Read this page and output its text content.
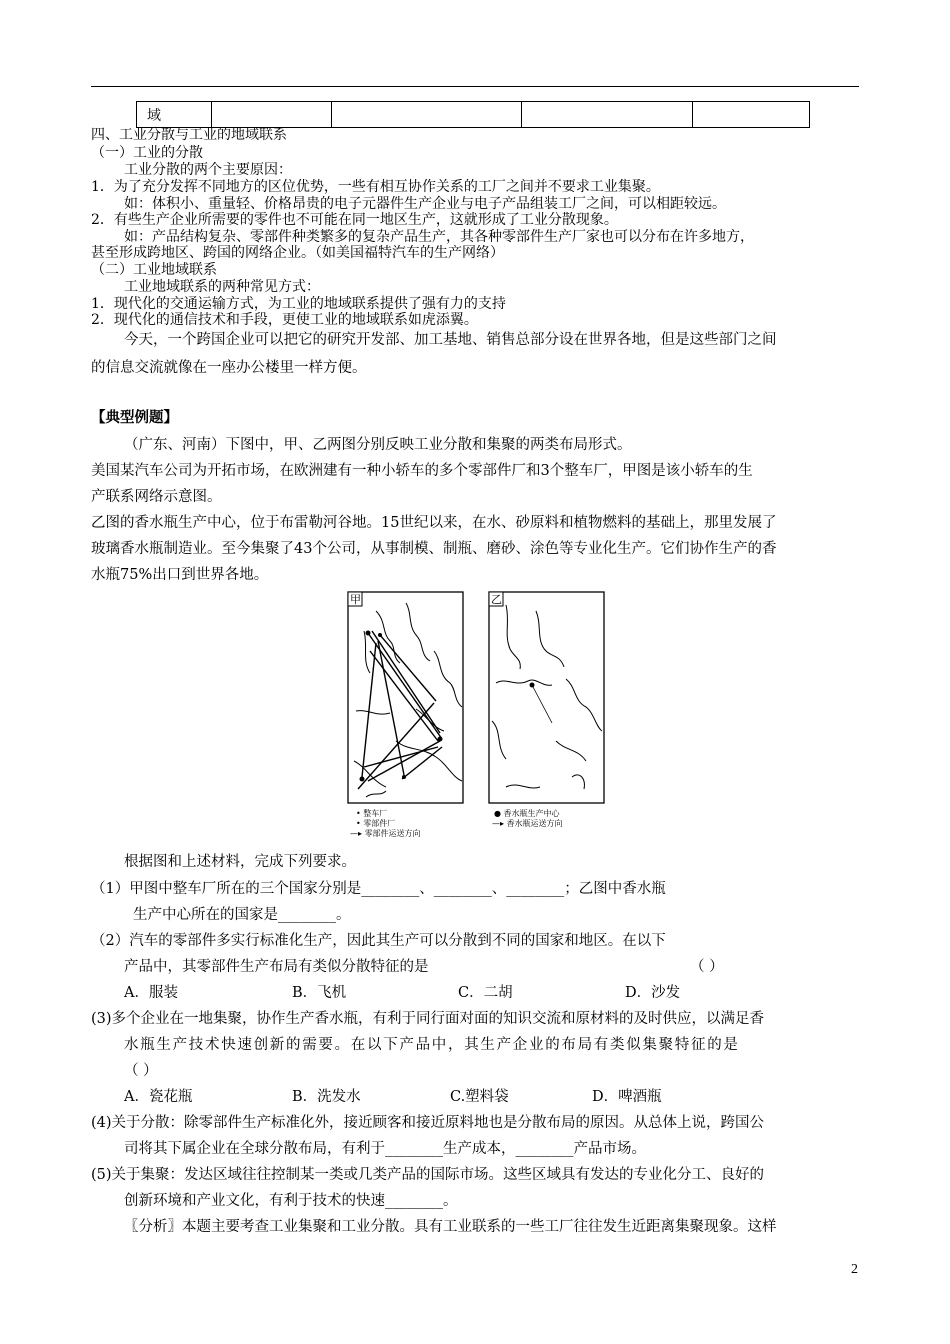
域				
四、工业分散与工业的地域联系
（一）工业的分散
工业分散的两个主要原因：
1．为了充分发挥不同地方的区位优势，一些有相互协作关系的工厂之间并不要求工业集聚。
如：体积小、重量轻、价格昂贵的电子元器件生产企业与电子产品组装工厂之间，可以相距较远。
2．有些生产企业所需要的零件也不可能在同一地区生产，这就形成了工业分散现象。
如：产品结构复杂、零部件种类繁多的复杂产品生产，其各种零部件生产厂家也可以分布在许多地方，
甚至形成跨地区、跨国的网络企业。（如美国福特汽车的生产网络）
（二）工业地域联系
工业地域联系的两种常见方式：
1．现代化的交通运输方式，为工业的地域联系提供了强有力的支持
2．现代化的通信技术和手段，更使工业的地域联系如虎添翼。
今天，一个跨国企业可以把它的研究开发部、加工基地、销售总部分设在世界各地，但是这些部门之间
的信息交流就像在一座办公楼里一样方便。
【典型例题】
（广东、河南）下图中，甲、乙两图分别反映工业分散和集聚的两类布局形式。
美国某汽车公司为开拓市场，在欧洲建有一种小轿车的多个零部件厂和3个整车厂，甲图是该小轿车的生
产联系网络示意图。
乙图的香水瓶生产中心，位于布雷勒河谷地。15世纪以来，在水、砂原料和植物燃料的基础上，那里发展了
玻璃香水瓶制造业。至今集聚了43个公司，从事制模、制瓶、磨砂、涂色等专业化生产。它们协作生产的香
水瓶75%出口到世界各地。
甲	乙
• 整车厂
• 零部件厂
—▸ 零部件运送方向
● 香水瓶生产中心
—▸ 香水瓶运送方向
根据图和上述材料，完成下列要求。
（1）甲图中整车厂所在的三个国家分别是________、________、________；乙图中香水瓶
生产中心所在的国家是________。
（2）汽车的零部件多实行标准化生产，因此其生产可以分散到不同的国家和地区。在以下
产品中，其零部件生产布局有类似分散特征的是	（ ）
A．服装	B．飞机	C．二胡	D．沙发
(3)多个企业在一地集聚，协作生产香水瓶，有利于同行面对面的知识交流和原材料的及时供应，以满足香
水瓶生产技术快速创新的需要。在以下产品中，其生产企业的布局有类似集聚特征的是
（ ）
A．瓷花瓶	B．洗发水	C.塑料袋	D．啤酒瓶
(4)关于分散：除零部件生产标准化外，接近顾客和接近原料地也是分散布局的原因。从总体上说，跨国公
司将其下属企业在全球分散布局，有利于________生产成本，________产品市场。
(5)关于集聚：发达区域往往控制某一类或几类产品的国际市场。这些区域具有发达的专业化分工、良好的
创新环境和产业文化，有利于技术的快速________。
〖分析〗本题主要考查工业集聚和工业分散。具有工业联系的一些工厂往往发生近距离集聚现象。这样
2
